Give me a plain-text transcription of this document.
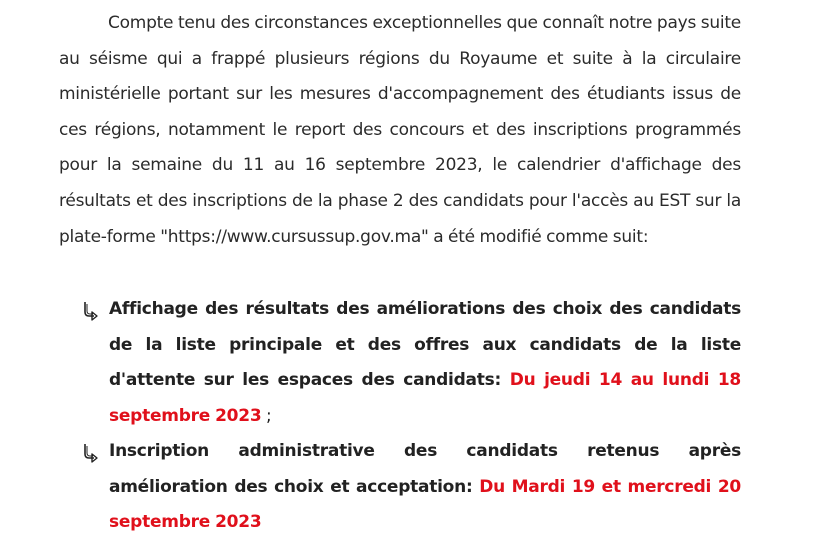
Compte tenu des circonstances exceptionnelles que connaît notre pays suite au séisme qui a frappé plusieurs régions du Royaume et suite à la circulaire ministérielle portant sur les mesures d'accompagnement des étudiants issus de ces régions, notamment le report des concours et des inscriptions programmés pour la semaine du 11 au 16 septembre 2023, le calendrier d'affichage des résultats et des inscriptions de la phase 2 des candidats pour l'accès au EST sur la plate-forme "https://www.cursussup.gov.ma" a été modifié comme suit:

Affichage des résultats des améliorations des choix des candidats de la liste principale et des offres aux candidats de la liste d'attente sur les espaces des candidats: Du jeudi 14 au lundi 18 septembre 2023 ;
Inscription administrative des candidats retenus après amélioration des choix et acceptation: Du Mardi 19 et mercredi 20 septembre 2023
